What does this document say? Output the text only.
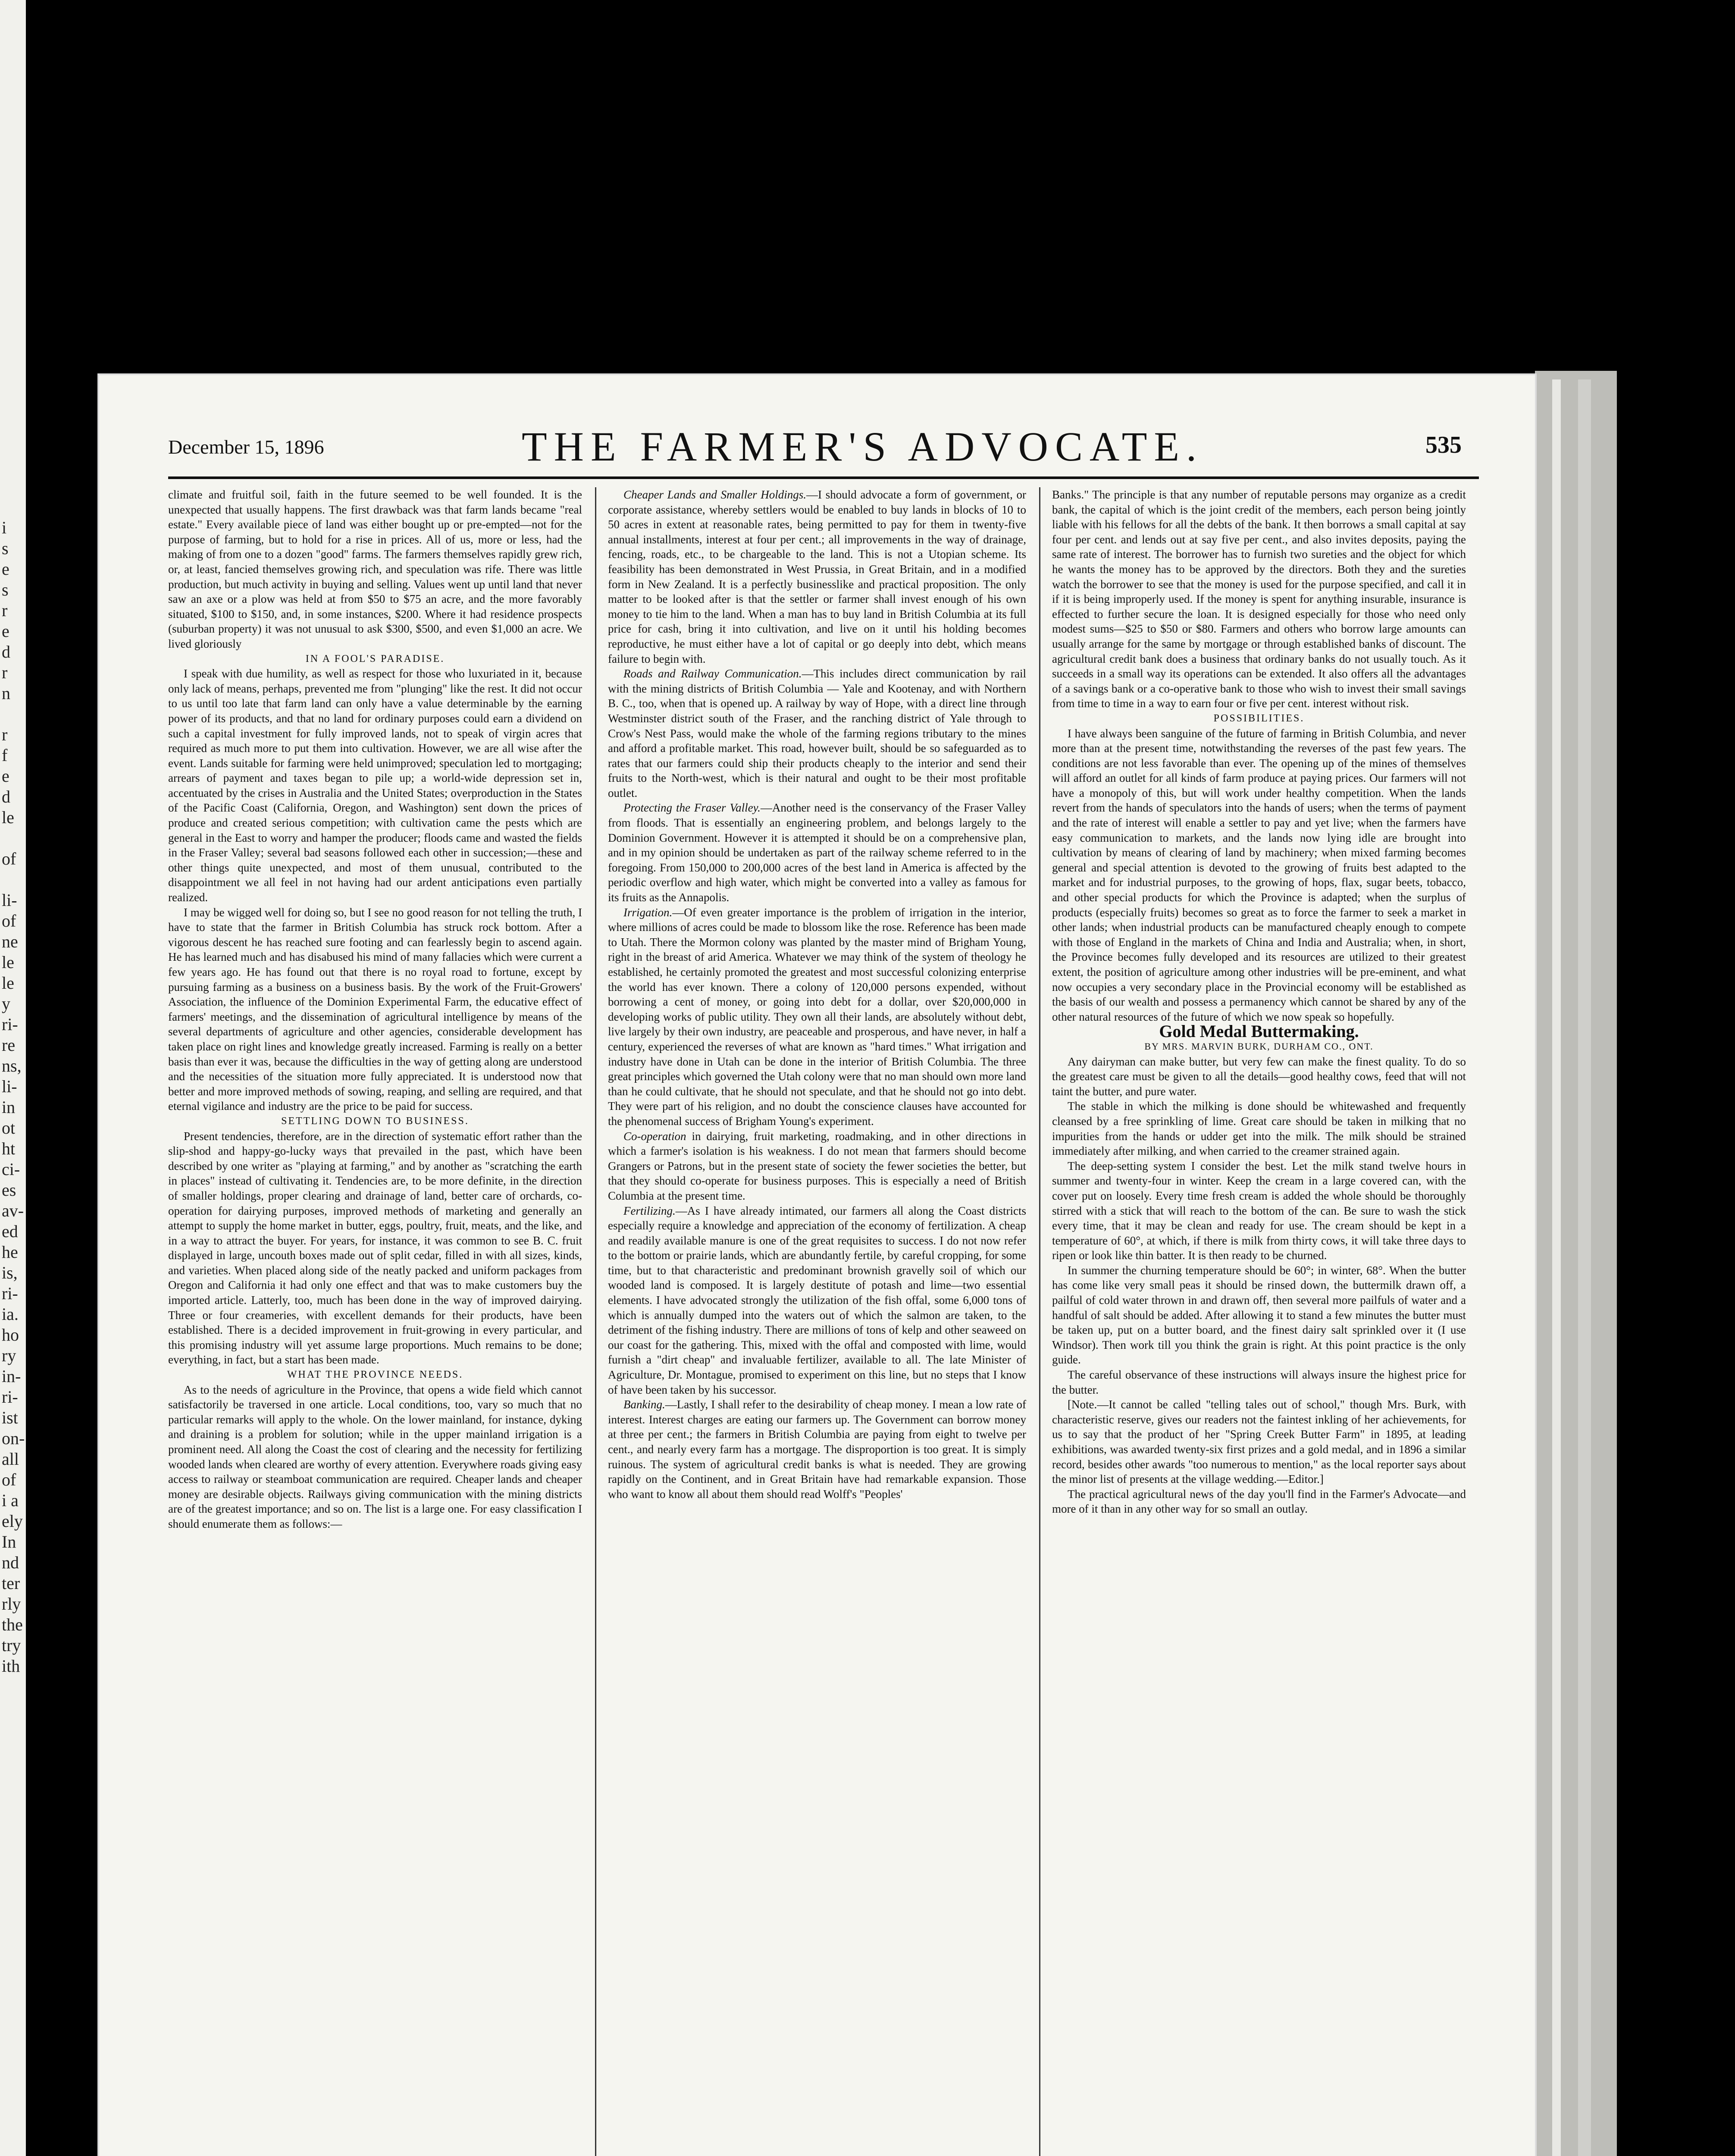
i
s
e
s
r
e
d
r
n

r
f
e
d
le

of

li-
of
ne
le
le
y
ri-
re
ns,
li-
in
ot
ht
ci-
es
av-
ed
he
is,
ri-
ia.
ho
ry
in-
ri-
ist
on-
all
of
i a
ely
In
nd
ter
rly
the
try
ith
December 15, 1896	THE FARMER'S ADVOCATE.	535

climate and fruitful soil, faith in the future seemed to be well founded. It is the unexpected that usually happens. The first drawback was that farm lands became "real estate." Every available piece of land was either bought up or pre-empted—not for the purpose of farming, but to hold for a rise in prices. All of us, more or less, had the making of from one to a dozen "good" farms. The farmers themselves rapidly grew rich, or, at least, fancied themselves growing rich, and speculation was rife. There was little production, but much activity in buying and selling. Values went up until land that never saw an axe or a plow was held at from $50 to $75 an acre, and the more favorably situated, $100 to $150, and, in some instances, $200. Where it had residence prospects (suburban property) it was not unusual to ask $300, $500, and even $1,000 an acre. We lived gloriously

IN A FOOL'S PARADISE.

I speak with due humility, as well as respect for those who luxuriated in it, because only lack of means, perhaps, prevented me from "plunging" like the rest. It did not occur to us until too late that farm land can only have a value determinable by the earning power of its products, and that no land for ordinary purposes could earn a dividend on such a capital investment for fully improved lands, not to speak of virgin acres that required as much more to put them into cultivation. However, we are all wise after the event. Lands suitable for farming were held unimproved; speculation led to mortgaging; arrears of payment and taxes began to pile up; a world-wide depression set in, accentuated by the crises in Australia and the United States; overproduction in the States of the Pacific Coast (California, Oregon, and Washington) sent down the prices of produce and created serious competition; with cultivation came the pests which are general in the East to worry and hamper the producer; floods came and wasted the fields in the Fraser Valley; several bad seasons followed each other in succession;—these and other things quite unexpected, and most of them unusual, contributed to the disappointment we all feel in not having had our ardent anticipations even partially realized.

I may be wigged well for doing so, but I see no good reason for not telling the truth, I have to state that the farmer in British Columbia has struck rock bottom. After a vigorous descent he has reached sure footing and can fearlessly begin to ascend again. He has learned much and has disabused his mind of many fallacies which were current a few years ago. He has found out that there is no royal road to fortune, except by pursuing farming as a business on a business basis. By the work of the Fruit-Growers' Association, the influence of the Dominion Experimental Farm, the educative effect of farmers' meetings, and the dissemination of agricultural intelligence by means of the several departments of agriculture and other agencies, considerable development has taken place on right lines and knowledge greatly increased. Farming is really on a better basis than ever it was, because the difficulties in the way of getting along are understood and the necessities of the situation more fully appreciated. It is understood now that better and more improved methods of sowing, reaping, and selling are required, and that eternal vigilance and industry are the price to be paid for success.

SETTLING DOWN TO BUSINESS.

Present tendencies, therefore, are in the direction of systematic effort rather than the slip-shod and happy-go-lucky ways that prevailed in the past, which have been described by one writer as "playing at farming," and by another as "scratching the earth in places" instead of cultivating it. Tendencies are, to be more definite, in the direction of smaller holdings, proper clearing and drainage of land, better care of orchards, co-operation for dairying purposes, improved methods of marketing and generally an attempt to supply the home market in butter, eggs, poultry, fruit, meats, and the like, and in a way to attract the buyer. For years, for instance, it was common to see B. C. fruit displayed in large, uncouth boxes made out of split cedar, filled in with all sizes, kinds, and varieties. When placed along side of the neatly packed and uniform packages from Oregon and California it had only one effect and that was to make customers buy the imported article. Latterly, too, much has been done in the way of improved dairying. Three or four creameries, with excellent demands for their products, have been established. There is a decided improvement in fruit-growing in every particular, and this promising industry will yet assume large proportions. Much remains to be done; everything, in fact, but a start has been made.

WHAT THE PROVINCE NEEDS.

As to the needs of agriculture in the Province, that opens a wide field which cannot satisfactorily be traversed in one article. Local conditions, too, vary so much that no particular remarks will apply to the whole. On the lower mainland, for instance, dyking and draining is a problem for solution; while in the upper mainland irrigation is a prominent need. All along the Coast the cost of clearing and the necessity for fertilizing wooded lands when cleared are worthy of every attention. Everywhere roads giving easy access to railway or steamboat communication are required. Cheaper lands and cheaper money are desirable objects. Railways giving communication with the mining districts are of the greatest importance; and so on. The list is a large one. For easy classification I should enumerate them as follows:—

Cheaper Lands and Smaller Holdings.—I should advocate a form of government, or corporate assistance, whereby settlers would be enabled to buy lands in blocks of 10 to 50 acres in extent at reasonable rates, being permitted to pay for them in twenty-five annual installments, interest at four per cent.; all improvements in the way of drainage, fencing, roads, etc., to be chargeable to the land. This is not a Utopian scheme. Its feasibility has been demonstrated in West Prussia, in Great Britain, and in a modified form in New Zealand. It is a perfectly businesslike and practical proposition. The only matter to be looked after is that the settler or farmer shall invest enough of his own money to tie him to the land. When a man has to buy land in British Columbia at its full price for cash, bring it into cultivation, and live on it until his holding becomes reproductive, he must either have a lot of capital or go deeply into debt, which means failure to begin with.

Roads and Railway Communication.—This includes direct communication by rail with the mining districts of British Columbia — Yale and Kootenay, and with Northern B. C., too, when that is opened up. A railway by way of Hope, with a direct line through Westminster district south of the Fraser, and the ranching district of Yale through to Crow's Nest Pass, would make the whole of the farming regions tributary to the mines and afford a profitable market. This road, however built, should be so safeguarded as to rates that our farmers could ship their products cheaply to the interior and send their fruits to the North-west, which is their natural and ought to be their most profitable outlet.

Protecting the Fraser Valley.—Another need is the conservancy of the Fraser Valley from floods. That is essentially an engineering problem, and belongs largely to the Dominion Government. However it is attempted it should be on a comprehensive plan, and in my opinion should be undertaken as part of the railway scheme referred to in the foregoing. From 150,000 to 200,000 acres of the best land in America is affected by the periodic overflow and high water, which might be converted into a valley as famous for its fruits as the Annapolis.

Irrigation.—Of even greater importance is the problem of irrigation in the interior, where millions of acres could be made to blossom like the rose. Reference has been made to Utah. There the Mormon colony was planted by the master mind of Brigham Young, right in the breast of arid America. Whatever we may think of the system of theology he established, he certainly promoted the greatest and most successful colonizing enterprise the world has ever known. There a colony of 120,000 persons expended, without borrowing a cent of money, or going into debt for a dollar, over $20,000,000 in developing works of public utility. They own all their lands, are absolutely without debt, live largely by their own industry, are peaceable and prosperous, and have never, in half a century, experienced the reverses of what are known as "hard times." What irrigation and industry have done in Utah can be done in the interior of British Columbia. The three great principles which governed the Utah colony were that no man should own more land than he could cultivate, that he should not speculate, and that he should not go into debt. They were part of his religion, and no doubt the conscience clauses have accounted for the phenomenal success of Brigham Young's experiment.

Co-operation in dairying, fruit marketing, roadmaking, and in other directions in which a farmer's isolation is his weakness. I do not mean that farmers should become Grangers or Patrons, but in the present state of society the fewer societies the better, but that they should co-operate for business purposes. This is especially a need of British Columbia at the present time.

Fertilizing.—As I have already intimated, our farmers all along the Coast districts especially require a knowledge and appreciation of the economy of fertilization. A cheap and readily available manure is one of the great requisites to success. I do not now refer to the bottom or prairie lands, which are abundantly fertile, by careful cropping, for some time, but to that characteristic and predominant brownish gravelly soil of which our wooded land is composed. It is largely destitute of potash and lime—two essential elements. I have advocated strongly the utilization of the fish offal, some 6,000 tons of which is annually dumped into the waters out of which the salmon are taken, to the detriment of the fishing industry. There are millions of tons of kelp and other seaweed on our coast for the gathering. This, mixed with the offal and composted with lime, would furnish a "dirt cheap" and invaluable fertilizer, available to all. The late Minister of Agriculture, Dr. Montague, promised to experiment on this line, but no steps that I know of have been taken by his successor.

Banking.—Lastly, I shall refer to the desirability of cheap money. I mean a low rate of interest. Interest charges are eating our farmers up. The Government can borrow money at three per cent.; the farmers in British Columbia are paying from eight to twelve per cent., and nearly every farm has a mortgage. The disproportion is too great. It is simply ruinous. The system of agricultural credit banks is what is needed. They are growing rapidly on the Continent, and in Great Britain have had remarkable expansion. Those who want to know all about them should read Wolff's "Peoples'

Banks." The principle is that any number of reputable persons may organize as a credit bank, the capital of which is the joint credit of the members, each person being jointly liable with his fellows for all the debts of the bank. It then borrows a small capital at say four per cent. and lends out at say five per cent., and also invites deposits, paying the same rate of interest. The borrower has to furnish two sureties and the object for which he wants the money has to be approved by the directors. Both they and the sureties watch the borrower to see that the money is used for the purpose specified, and call it in if it is being improperly used. If the money is spent for anything insurable, insurance is effected to further secure the loan. It is designed especially for those who need only modest sums—$25 to $50 or $80. Farmers and others who borrow large amounts can usually arrange for the same by mortgage or through established banks of discount. The agricultural credit bank does a business that ordinary banks do not usually touch. As it succeeds in a small way its operations can be extended. It also offers all the advantages of a savings bank or a co-operative bank to those who wish to invest their small savings from time to time in a way to earn four or five per cent. interest without risk.

POSSIBILITIES.

I have always been sanguine of the future of farming in British Columbia, and never more than at the present time, notwithstanding the reverses of the past few years. The conditions are not less favorable than ever. The opening up of the mines of themselves will afford an outlet for all kinds of farm produce at paying prices. Our farmers will not have a monopoly of this, but will work under healthy competition. When the lands revert from the hands of speculators into the hands of users; when the terms of payment and the rate of interest will enable a settler to pay and yet live; when the farmers have easy communication to markets, and the lands now lying idle are brought into cultivation by means of clearing of land by machinery; when mixed farming becomes general and special attention is devoted to the growing of fruits best adapted to the market and for industrial purposes, to the growing of hops, flax, sugar beets, tobacco, and other special products for which the Province is adapted; when the surplus of products (especially fruits) becomes so great as to force the farmer to seek a market in other lands; when industrial products can be manufactured cheaply enough to compete with those of England in the markets of China and India and Australia; when, in short, the Province becomes fully developed and its resources are utilized to their greatest extent, the position of agriculture among other industries will be pre-eminent, and what now occupies a very secondary place in the Provincial economy will be established as the basis of our wealth and possess a permanency which cannot be shared by any of the other natural resources of the future of which we now speak so hopefully.

Gold Medal Buttermaking.

BY MRS. MARVIN BURK, DURHAM CO., ONT.

Any dairyman can make butter, but very few can make the finest quality. To do so the greatest care must be given to all the details—good healthy cows, feed that will not taint the butter, and pure water.

The stable in which the milking is done should be whitewashed and frequently cleansed by a free sprinkling of lime. Great care should be taken in milking that no impurities from the hands or udder get into the milk. The milk should be strained immediately after milking, and when carried to the creamer strained again.

The deep-setting system I consider the best. Let the milk stand twelve hours in summer and twenty-four in winter. Keep the cream in a large covered can, with the cover put on loosely. Every time fresh cream is added the whole should be thoroughly stirred with a stick that will reach to the bottom of the can. Be sure to wash the stick every time, that it may be clean and ready for use. The cream should be kept in a temperature of 60°, at which, if there is milk from thirty cows, it will take three days to ripen or look like thin batter. It is then ready to be churned.

In summer the churning temperature should be 60°; in winter, 68°. When the butter has come like very small peas it should be rinsed down, the buttermilk drawn off, a pailful of cold water thrown in and drawn off, then several more pailfuls of water and a handful of salt should be added. After allowing it to stand a few minutes the butter must be taken up, put on a butter board, and the finest dairy salt sprinkled over it (I use Windsor). Then work till you think the grain is right. At this point practice is the only guide.

The careful observance of these instructions will always insure the highest price for the butter.

[Note.—It cannot be called "telling tales out of school," though Mrs. Burk, with characteristic reserve, gives our readers not the faintest inkling of her achievements, for us to say that the product of her "Spring Creek Butter Farm" in 1895, at leading exhibitions, was awarded twenty-six first prizes and a gold medal, and in 1896 a similar record, besides other awards "too numerous to mention," as the local reporter says about the minor list of presents at the village wedding.—Editor.]

The practical agricultural news of the day you'll find in the Farmer's Advocate—and more of it than in any other way for so small an outlay.
